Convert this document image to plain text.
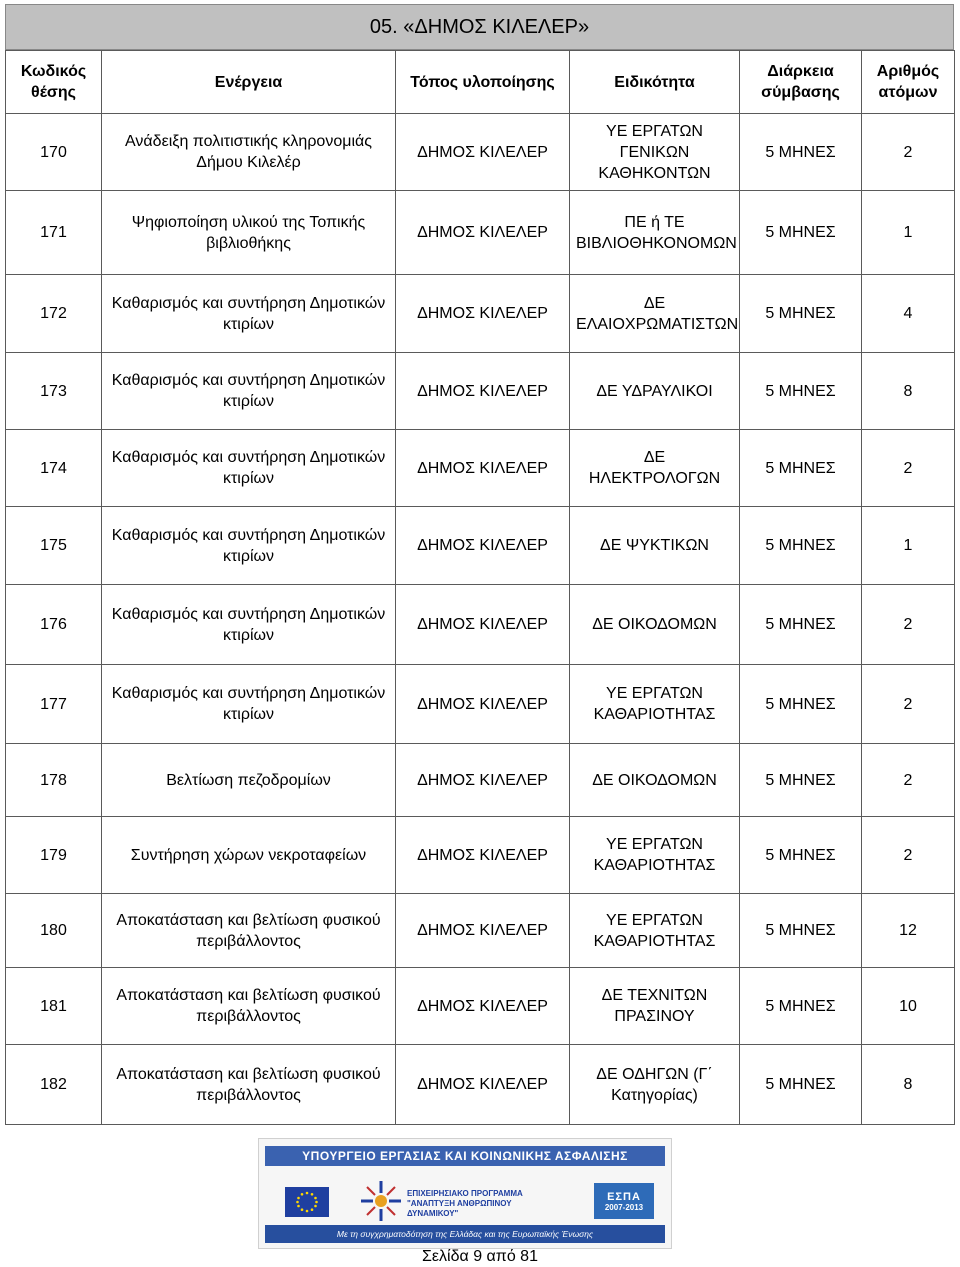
05. «ΔΗΜΟΣ ΚΙΛΕΛΕΡ»
Κωδικός θέσης	Ενέργεια	Τόπος υλοποίησης	Ειδικότητα	Διάρκεια σύμβασης	Αριθμός ατόμων
170	Ανάδειξη πολιτιστικής κληρονομιάς Δήμου Κιλελέρ	ΔΗΜΟΣ ΚΙΛΕΛΕΡ	ΥΕ ΕΡΓΑΤΩΝ ΓΕΝΙΚΩΝ ΚΑΘΗΚΟΝΤΩΝ	5 ΜΗΝΕΣ	2
171	Ψηφιοποίηση υλικού της Τοπικής βιβλιοθήκης	ΔΗΜΟΣ ΚΙΛΕΛΕΡ	ΠΕ ή ΤΕ ΒΙΒΛΙΟΘΗΚΟΝΟΜΩΝ	5 ΜΗΝΕΣ	1
172	Καθαρισμός και συντήρηση Δημοτικών κτιρίων	ΔΗΜΟΣ ΚΙΛΕΛΕΡ	ΔΕ ΕΛΑΙΟΧΡΩΜΑΤΙΣΤΩΝ	5 ΜΗΝΕΣ	4
173	Καθαρισμός και συντήρηση Δημοτικών κτιρίων	ΔΗΜΟΣ ΚΙΛΕΛΕΡ	ΔΕ ΥΔΡΑΥΛΙΚΟΙ	5 ΜΗΝΕΣ	8
174	Καθαρισμός και συντήρηση Δημοτικών κτιρίων	ΔΗΜΟΣ ΚΙΛΕΛΕΡ	ΔΕ ΗΛΕΚΤΡΟΛΟΓΩΝ	5 ΜΗΝΕΣ	2
175	Καθαρισμός και συντήρηση Δημοτικών κτιρίων	ΔΗΜΟΣ ΚΙΛΕΛΕΡ	ΔΕ ΨΥΚΤΙΚΩΝ	5 ΜΗΝΕΣ	1
176	Καθαρισμός και συντήρηση Δημοτικών κτιρίων	ΔΗΜΟΣ ΚΙΛΕΛΕΡ	ΔΕ ΟΙΚΟΔΟΜΩΝ	5 ΜΗΝΕΣ	2
177	Καθαρισμός και συντήρηση Δημοτικών κτιρίων	ΔΗΜΟΣ ΚΙΛΕΛΕΡ	ΥΕ ΕΡΓΑΤΩΝ ΚΑΘΑΡΙΟΤΗΤΑΣ	5 ΜΗΝΕΣ	2
178	Βελτίωση πεζοδρομίων	ΔΗΜΟΣ ΚΙΛΕΛΕΡ	ΔΕ ΟΙΚΟΔΟΜΩΝ	5 ΜΗΝΕΣ	2
179	Συντήρηση χώρων νεκροταφείων	ΔΗΜΟΣ ΚΙΛΕΛΕΡ	ΥΕ ΕΡΓΑΤΩΝ ΚΑΘΑΡΙΟΤΗΤΑΣ	5 ΜΗΝΕΣ	2
180	Αποκατάσταση και βελτίωση φυσικού περιβάλλοντος	ΔΗΜΟΣ ΚΙΛΕΛΕΡ	ΥΕ ΕΡΓΑΤΩΝ ΚΑΘΑΡΙΟΤΗΤΑΣ	5 ΜΗΝΕΣ	12
181	Αποκατάσταση και βελτίωση φυσικού περιβάλλοντος	ΔΗΜΟΣ ΚΙΛΕΛΕΡ	ΔΕ ΤΕΧΝΙΤΩΝ ΠΡΑΣΙΝΟΥ	5 ΜΗΝΕΣ	10
182	Αποκατάσταση και βελτίωση φυσικού περιβάλλοντος	ΔΗΜΟΣ ΚΙΛΕΛΕΡ	ΔΕ ΟΔΗΓΩΝ (Γ΄ Κατηγορίας)	5 ΜΗΝΕΣ	8
ΥΠΟΥΡΓΕΙΟ ΕΡΓΑΣΙΑΣ ΚΑΙ ΚΟΙΝΩΝΙΚΗΣ ΑΣΦΑΛΙΣΗΣ
ΕΠΙΧΕΙΡΗΣΙΑΚΟ ΠΡΟΓΡΑΜΜΑ
"ΑΝΑΠΤΥΞΗ ΑΝΘΡΩΠΙΝΟΥ ΔΥΝΑΜΙΚΟΥ"
ΕΣΠΑ
2007-2013
Με τη συγχρηματοδότηση της Ελλάδας και της Ευρωπαϊκής Ένωσης
Σελίδα 9 από 81
